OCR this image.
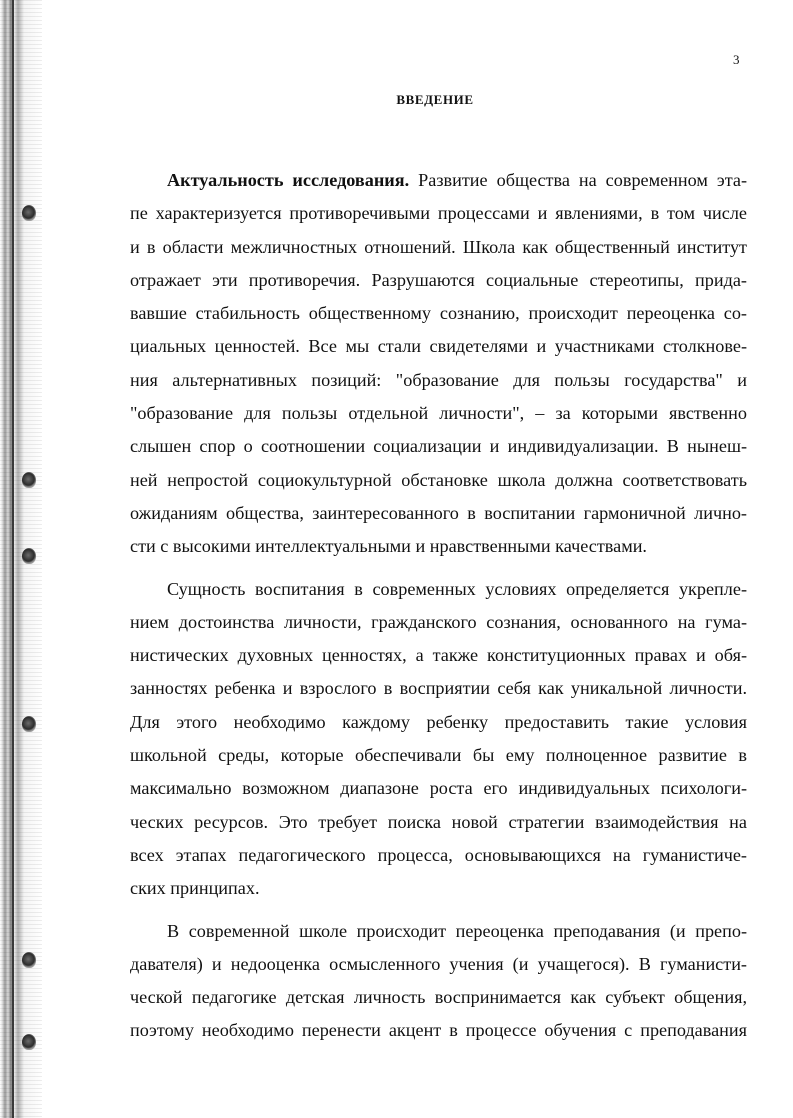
3
ВВЕДЕНИЕ
Актуальность исследования. Развитие общества на современном эта-
пе характеризуется противоречивыми процессами и явлениями, в том числе
и в области межличностных отношений. Школа как общественный институт
отражает эти противоречия. Разрушаются социальные стереотипы, прида-
вавшие стабильность общественному сознанию, происходит переоценка со-
циальных ценностей. Все мы стали свидетелями и участниками столкнове-
ния альтернативных позиций: "образование для пользы государства" и
"образование для пользы отдельной личности", – за которыми явственно
слышен спор о соотношении социализации и индивидуализации. В нынеш-
ней непростой социокультурной обстановке школа должна соответствовать
ожиданиям общества, заинтересованного в воспитании гармоничной лично-
сти с высокими интеллектуальными и нравственными качествами.
Сущность воспитания в современных условиях определяется укрепле-
нием достоинства личности, гражданского сознания, основанного на гума-
нистических духовных ценностях, а также конституционных правах и обя-
занностях ребенка и взрослого в восприятии себя как уникальной личности.
Для этого необходимо каждому ребенку предоставить такие условия
школьной среды, которые обеспечивали бы ему полноценное развитие в
максимально возможном диапазоне роста его индивидуальных психологи-
ческих ресурсов. Это требует поиска новой стратегии взаимодействия на
всех этапах педагогического процесса, основывающихся на гуманистиче-
ских принципах.
В современной школе происходит переоценка преподавания (и препо-
давателя) и недооценка осмысленного учения (и учащегося). В гуманисти-
ческой педагогике детская личность воспринимается как субъект общения,
поэтому необходимо перенести акцент в процессе обучения с преподавания
